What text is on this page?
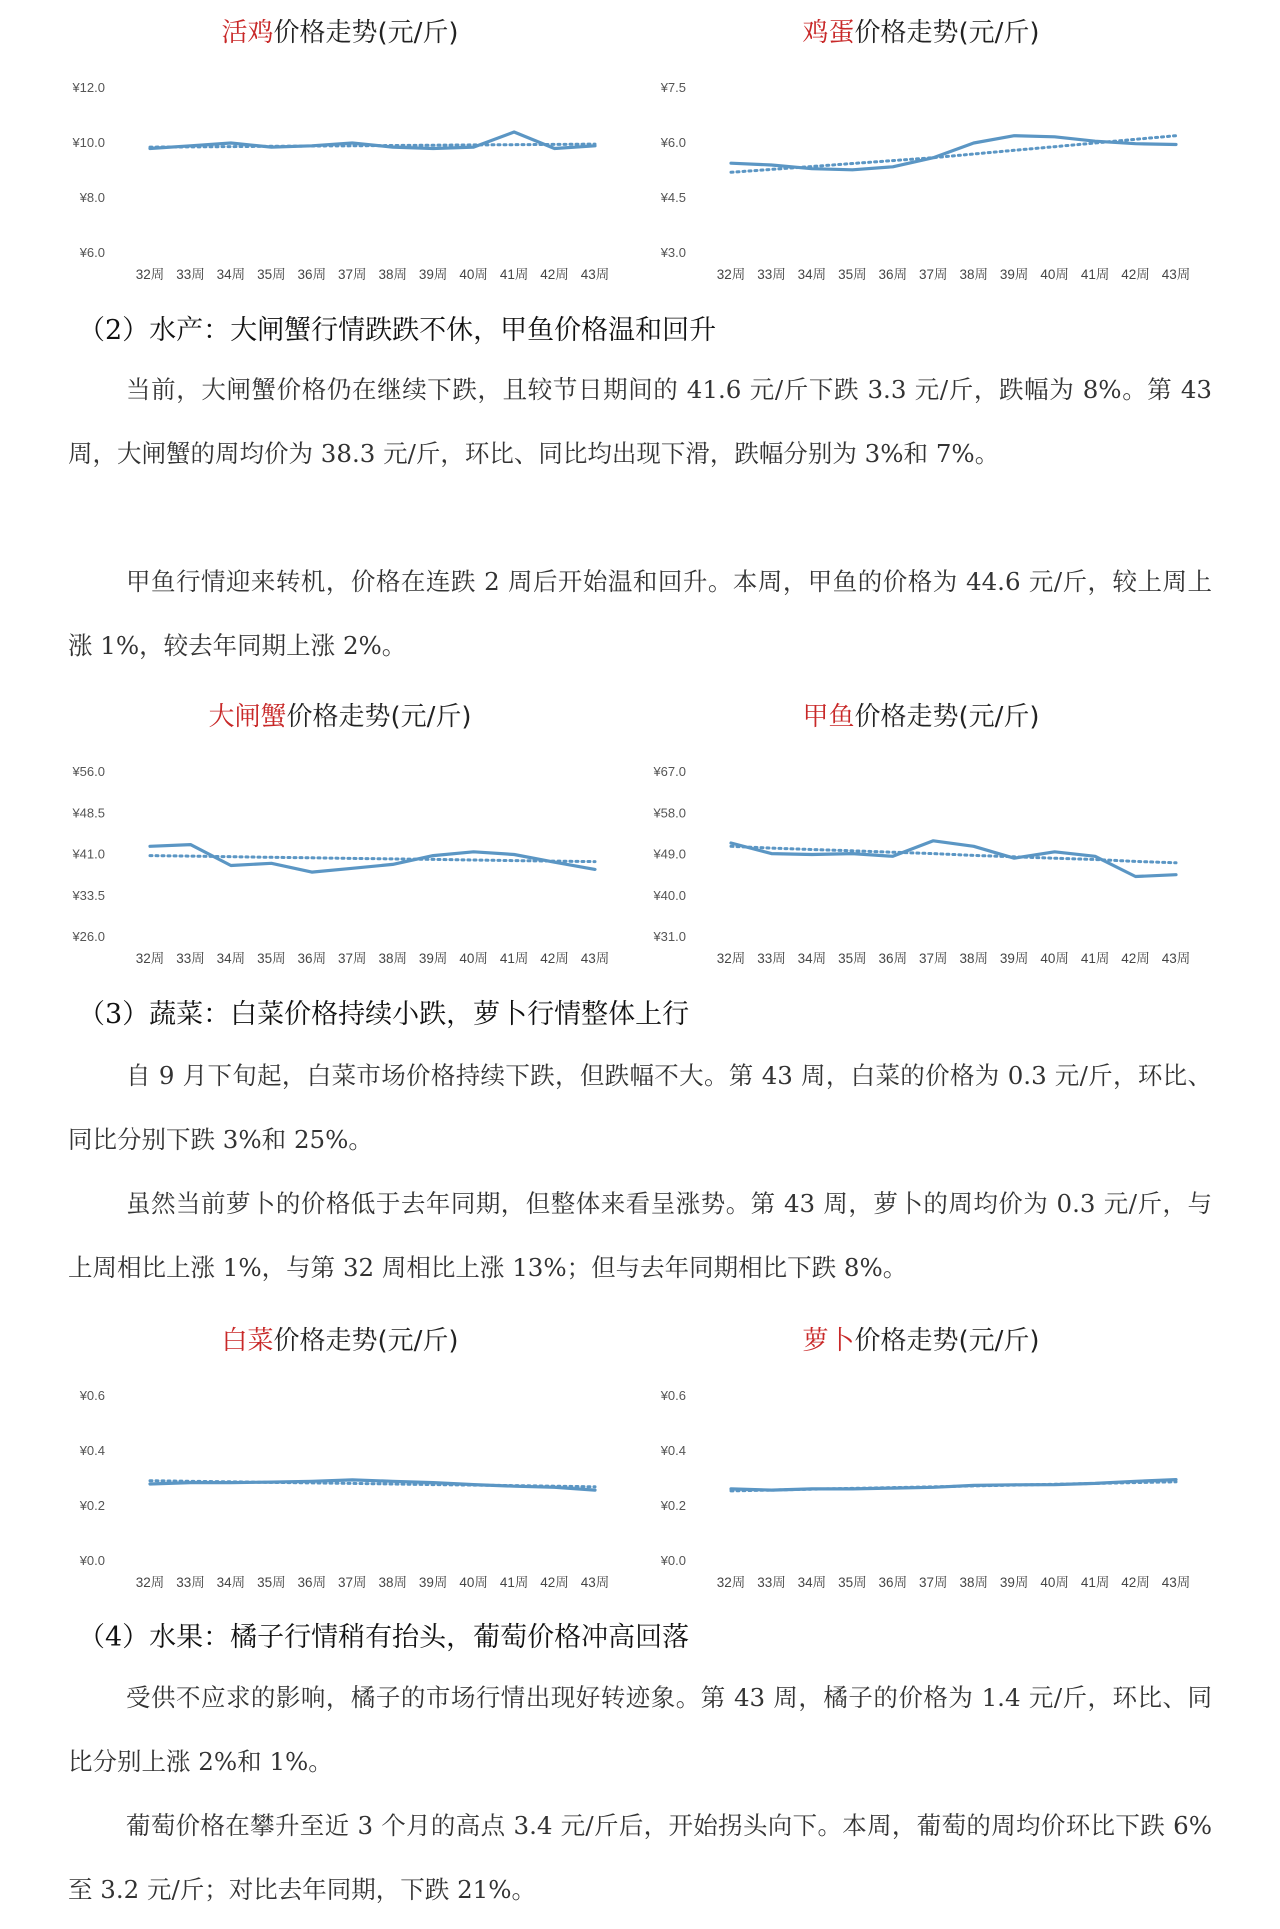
活鸡价格走势(元/斤)
¥12.0
¥10.0
¥8.0
¥6.0
32周 33周 34周 35周 36周 37周 38周 39周 40周 41周 42周 43周
鸡蛋价格走势(元/斤)
¥7.5
¥6.0
¥4.5
¥3.0
32周 33周 34周 35周 36周 37周 38周 39周 40周 41周 42周 43周
（2）水产：大闸蟹行情跌跌不休，甲鱼价格温和回升

当前，大闸蟹价格仍在继续下跌，且较节日期间的 41.6 元/斤下跌 3.3 元/斤，跌幅为 8%。第 43 周，大闸蟹的周均价为 38.3 元/斤，环比、同比均出现下滑，跌幅分别为 3%和 7%。

甲鱼行情迎来转机，价格在连跌 2 周后开始温和回升。本周，甲鱼的价格为 44.6 元/斤，较上周上涨 1%，较去年同期上涨 2%。

大闸蟹价格走势(元/斤)
¥56.0
¥48.5
¥41.0
¥33.5
¥26.0
32周 33周 34周 35周 36周 37周 38周 39周 40周 41周 42周 43周
甲鱼价格走势(元/斤)
¥67.0
¥58.0
¥49.0
¥40.0
¥31.0
32周 33周 34周 35周 36周 37周 38周 39周 40周 41周 42周 43周
（3）蔬菜：白菜价格持续小跌，萝卜行情整体上行

自 9 月下旬起，白菜市场价格持续下跌，但跌幅不大。第 43 周，白菜的价格为 0.3 元/斤，环比、同比分别下跌 3%和 25%。

虽然当前萝卜的价格低于去年同期，但整体来看呈涨势。第 43 周，萝卜的周均价为 0.3 元/斤，与上周相比上涨 1%，与第 32 周相比上涨 13%；但与去年同期相比下跌 8%。

白菜价格走势(元/斤)
¥0.6
¥0.4
¥0.2
¥0.0
32周 33周 34周 35周 36周 37周 38周 39周 40周 41周 42周 43周
萝卜价格走势(元/斤)
¥0.6
¥0.4
¥0.2
¥0.0
32周 33周 34周 35周 36周 37周 38周 39周 40周 41周 42周 43周
（4）水果：橘子行情稍有抬头，葡萄价格冲高回落

受供不应求的影响，橘子的市场行情出现好转迹象。第 43 周，橘子的价格为 1.4 元/斤，环比、同比分别上涨 2%和 1%。

葡萄价格在攀升至近 3 个月的高点 3.4 元/斤后，开始拐头向下。本周，葡萄的周均价环比下跌 6%至 3.2 元/斤；对比去年同期，下跌 21%。
